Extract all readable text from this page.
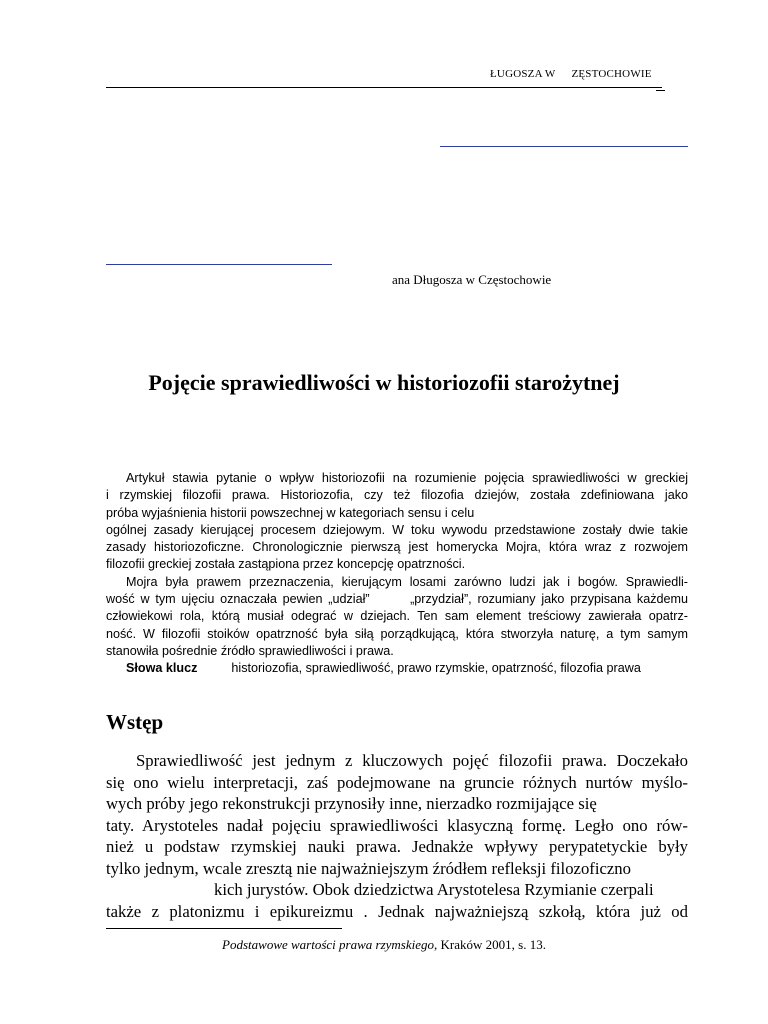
ŁUGOSZA W ZĘSTOCHOWIE
ana Długosza w Częstochowie
Pojęcie sprawiedliwości w historiozofii starożytnej
Artykuł stawia pytanie o wpływ historiozofii na rozumienie pojęcia sprawiedliwości w greckiej
i rzymskiej filozofii prawa. Historiozofia, czy też filozofia dziejów, została zdefiniowana jako
próba wyjaśnienia historii powszechnej w kategoriach sensu i celu
ogólnej zasady kierującej procesem dziejowym. W toku wywodu przedstawione zostały dwie takie
zasady historiozoficzne. Chronologicznie pierwszą jest homerycka Mojra, która wraz z rozwojem
filozofii greckiej została zastąpiona przez koncepcję opatrzności.
Mojra była prawem przeznaczenia, kierującym losami zarówno ludzi jak i bogów. Sprawiedli-
wość w tym ujęciu oznaczała pewien „udział”       „przydział”, rozumiany jako przypisana każdemu
człowiekowi rola, którą musiał odegrać w dziejach. Ten sam element treściowy zawierała opatrz-
ność. W filozofii stoików opatrzność była siłą porządkującą, która stworzyła naturę, a tym samym
stanowiła pośrednie źródło sprawiedliwości i prawa.
Słowa klucz	historiozofia, sprawiedliwość, prawo rzymskie, opatrzność, filozofia prawa
Wstęp
Sprawiedliwość jest jednym z kluczowych pojęć filozofii prawa. Doczekało
się ono wielu interpretacji, zaś podejmowane na gruncie różnych nurtów myślo-
wych próby jego rekonstrukcji przynosiły inne, nierzadko rozmijające się
taty. Arystoteles nadał pojęciu sprawiedliwości klasyczną formę. Legło ono rów-
nież u podstaw rzymskiej nauki prawa. Jednakże wpływy perypatetyckie były
tylko jednym, wcale zresztą nie najważniejszym źródłem refleksji filozoficzno
kich jurystów. Obok dziedzictwa Arystotelesa Rzymianie czerpali
także z platonizmu i epikureizmu . Jednak najważniejszą szkołą, która już od
Podstawowe wartości prawa rzymskiego, Kraków 2001, s. 13.
